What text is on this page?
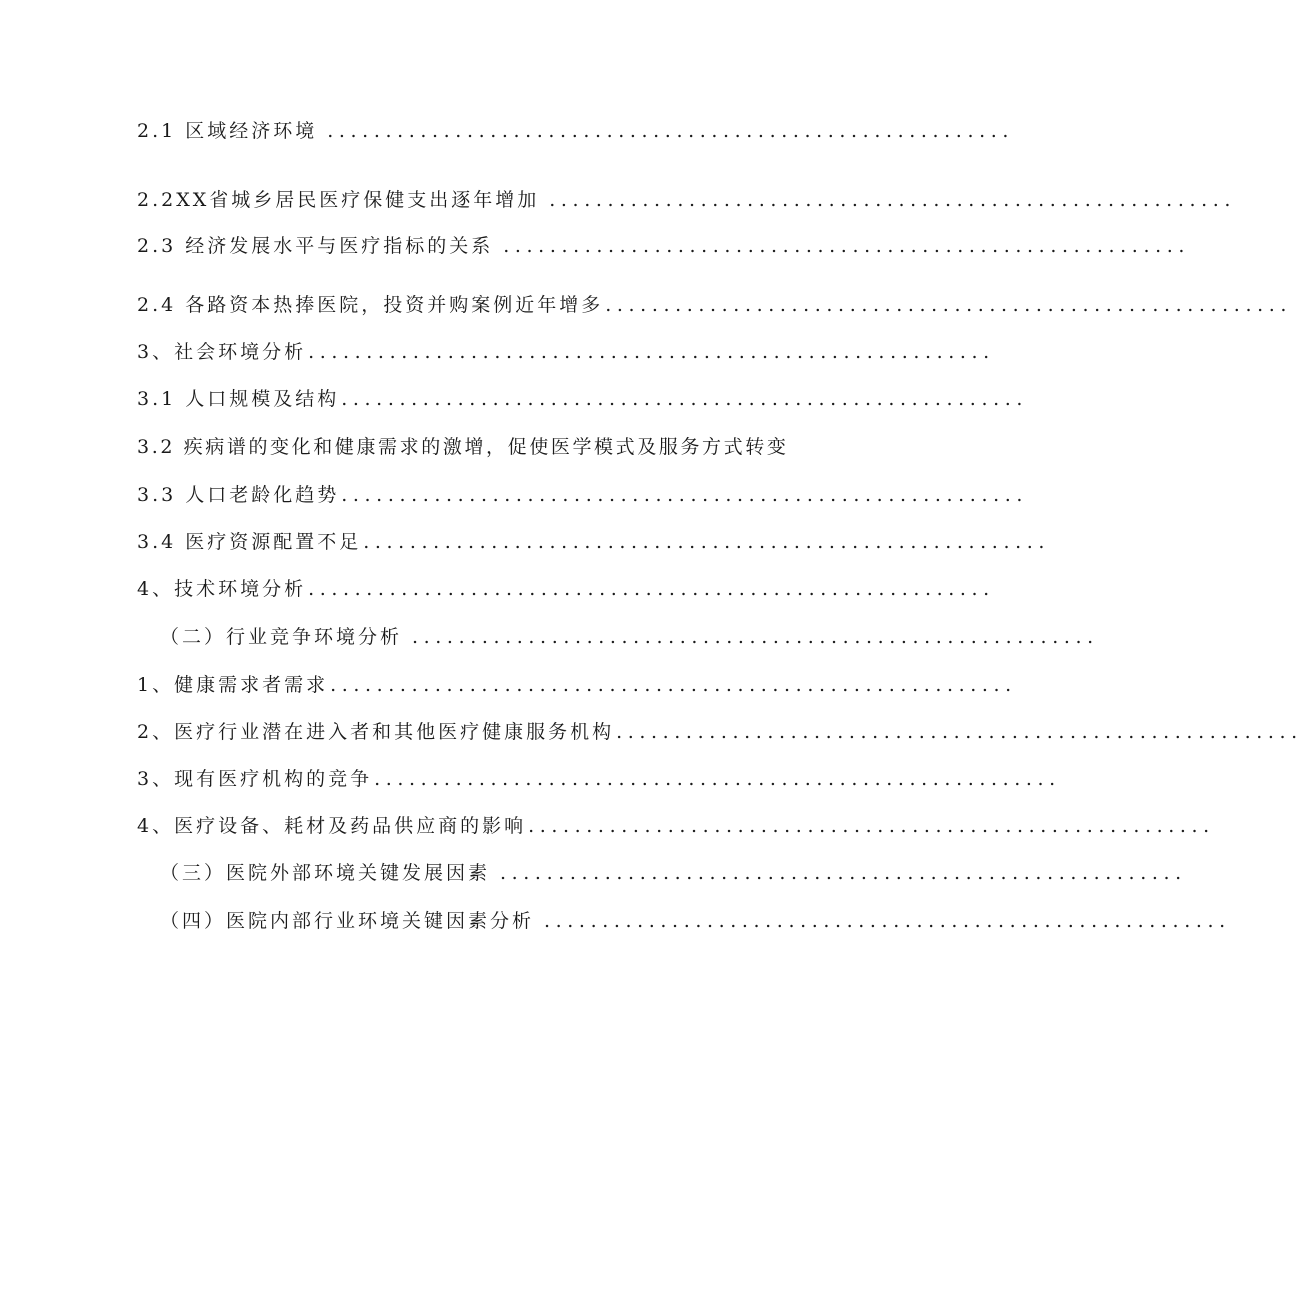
2.1 区域经济环境 ...........................................................
2.2XX省城乡居民医疗保健支出逐年增加 ...........................................................
2.3 经济发展水平与医疗指标的关系 ...........................................................
2.4 各路资本热捧医院，投资并购案例近年增多 ...........................................................
3、社会环境分析 ...........................................................
3.1 人口规模及结构 ...........................................................
3.2 疾病谱的变化和健康需求的激增，促使医学模式及服务方式转变
3.3 人口老龄化趋势 ...........................................................
3.4 医疗资源配置不足 ...........................................................
4、技术环境分析 ...........................................................
（二）行业竞争环境分析 ...........................................................
1、健康需求者需求 ...........................................................
2、医疗行业潜在进入者和其他医疗健康服务机构 ...........................................................
3、现有医疗机构的竞争 ...........................................................
4、医疗设备、耗材及药品供应商的影响 ...........................................................
（三）医院外部环境关键发展因素 ...........................................................
（四）医院内部行业环境关键因素分析 ...........................................................
